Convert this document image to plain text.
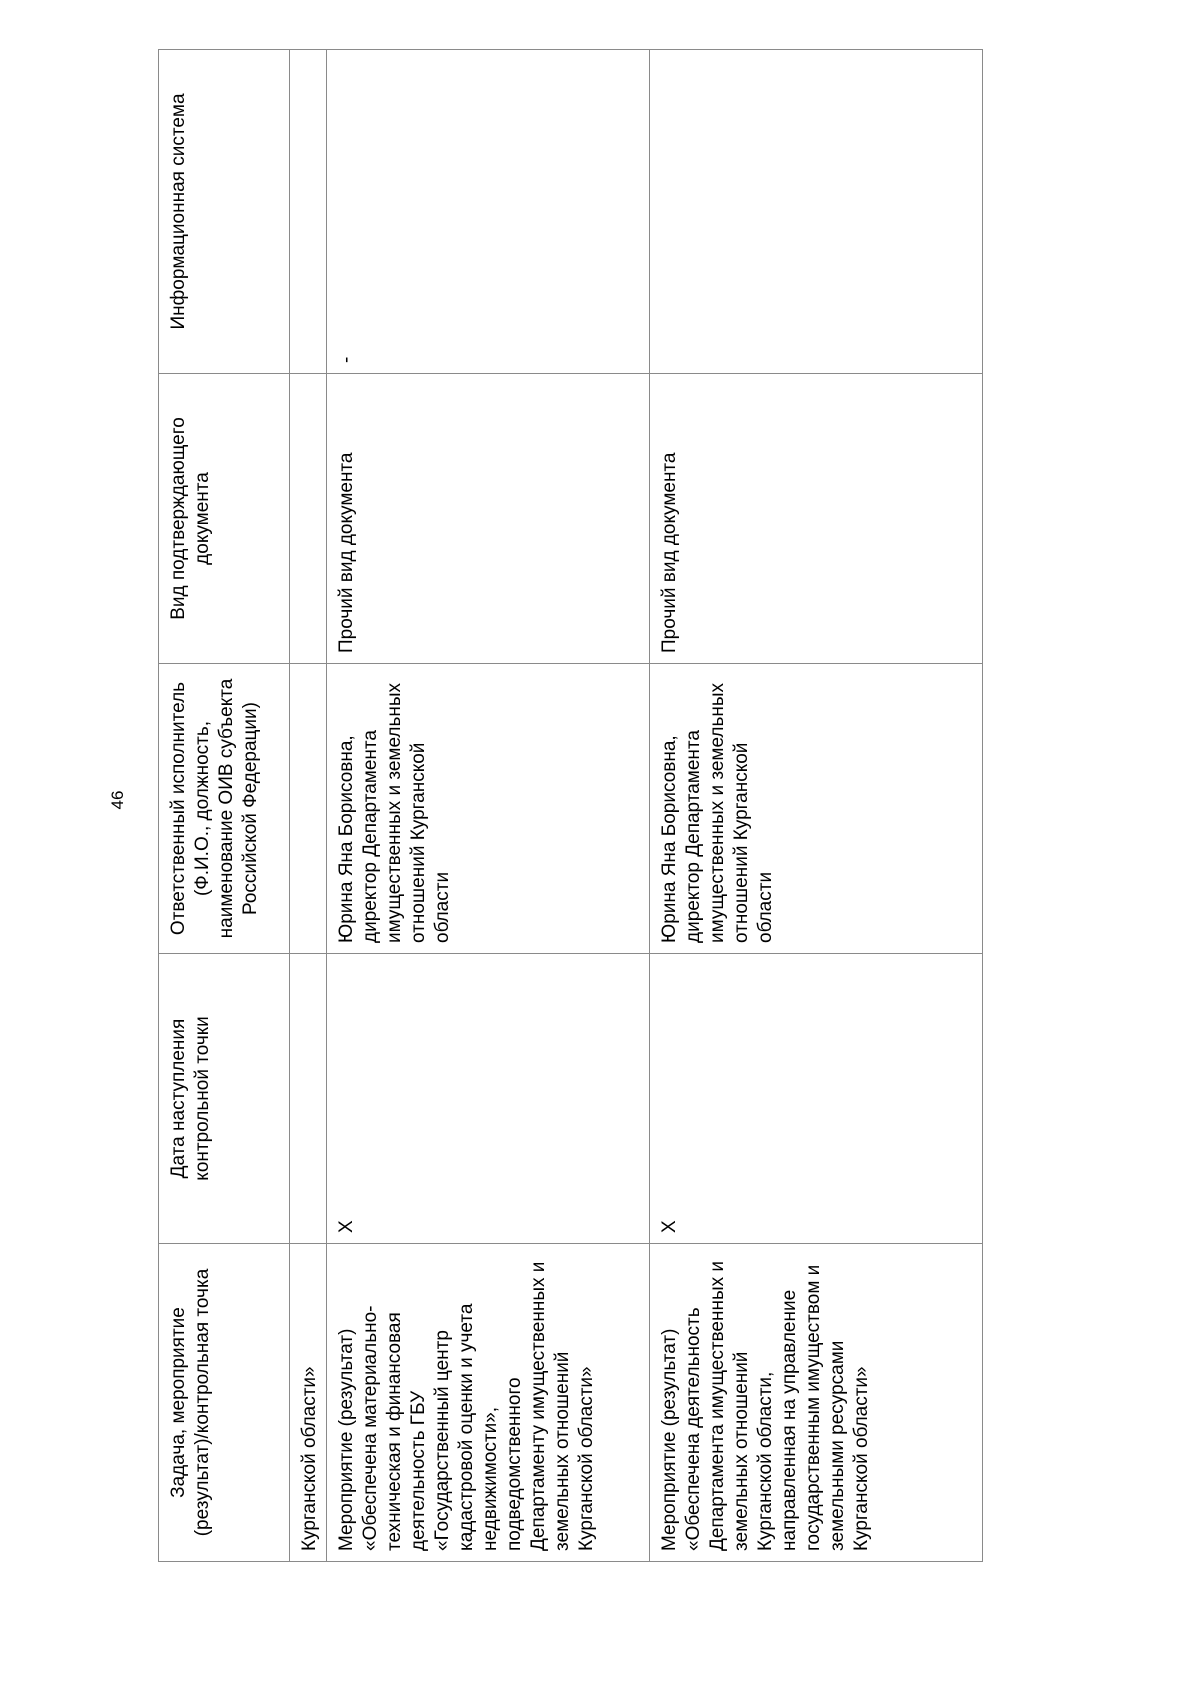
46
Задача, мероприятие (результат)/контрольная точка	Дата наступления контрольной точки	Ответственный исполнитель (Ф.И.О., должность, наименование ОИВ субъекта Российской Федерации)	Вид подтверждающего документа	Информационная система
Курганской области»				
Мероприятие (результат) «Обеспечена материально-техническая и финансовая деятельность ГБУ «Государственный центр кадастровой оценки и учета недвижимости», подведомственного Департаменту имущественных и земельных отношений Курганской области»	X	Юрина Яна Борисовна, директор Департамента имущественных и земельных отношений Курганской области	Прочий вид документа	-
Мероприятие (результат) «Обеспечена деятельность Департамента имущественных и земельных отношений Курганской области, направленная на управление государственным имуществом и земельными ресурсами Курганской области»	X	Юрина Яна Борисовна, директор Департамента имущественных и земельных отношений Курганской области	Прочий вид документа	
